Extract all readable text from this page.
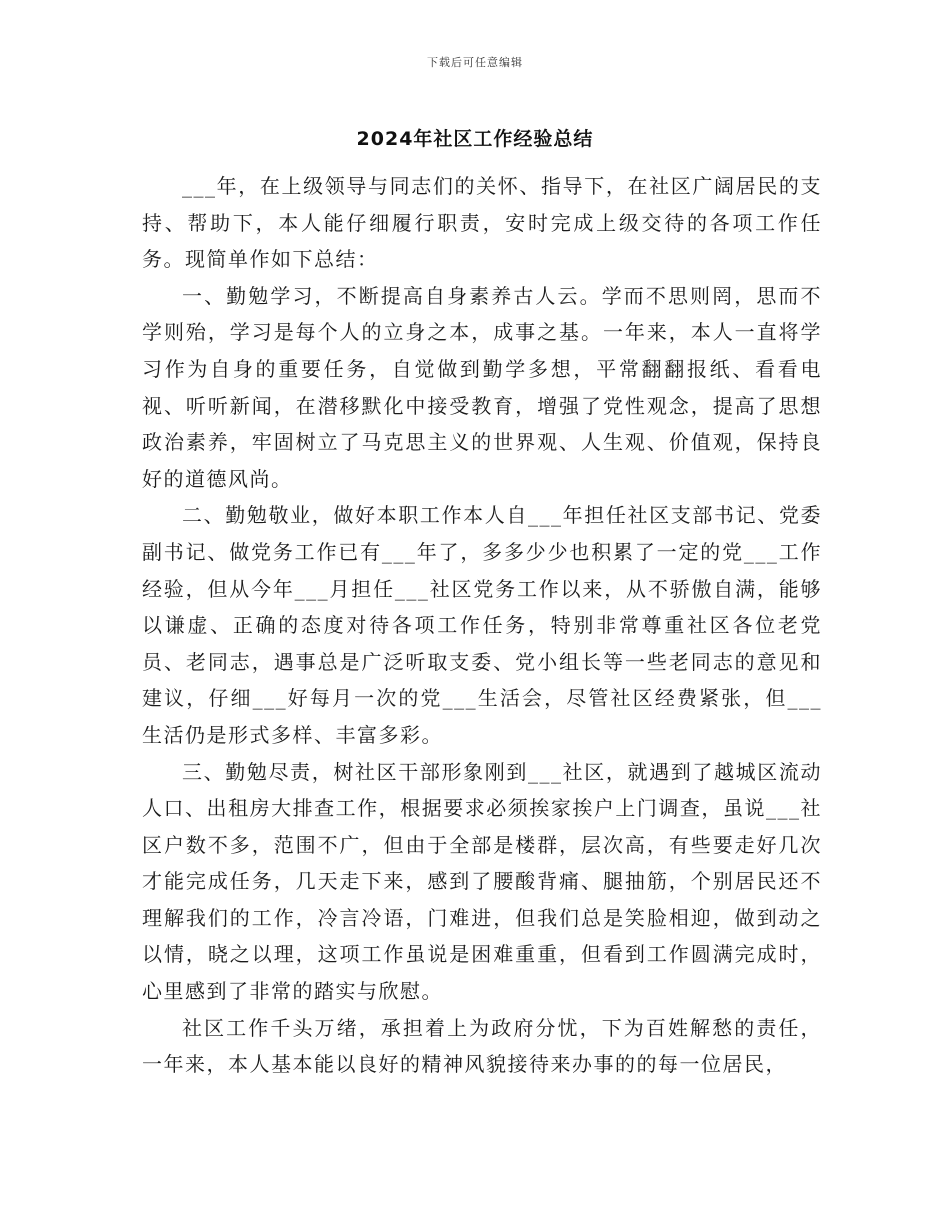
下载后可任意编辑
2024年社区工作经验总结

___年，在上级领导与同志们的关怀、指导下，在社区广阔居民的支持、帮助下，本人能仔细履行职责，安时完成上级交待的各项工作任务。现简单作如下总结：

一、勤勉学习，不断提高自身素养古人云。学而不思则罔，思而不学则殆，学习是每个人的立身之本，成事之基。一年来，本人一直将学习作为自身的重要任务，自觉做到勤学多想，平常翻翻报纸、看看电视、听听新闻，在潜移默化中接受教育，增强了党性观念，提高了思想政治素养，牢固树立了马克思主义的世界观、人生观、价值观，保持良好的道德风尚。

二、勤勉敬业，做好本职工作本人自___年担任社区支部书记、党委副书记、做党务工作已有___年了，多多少少也积累了一定的党___工作经验，但从今年___月担任___社区党务工作以来，从不骄傲自满，能够以谦虚、正确的态度对待各项工作任务，特别非常尊重社区各位老党员、老同志，遇事总是广泛听取支委、党小组长等一些老同志的意见和建议，仔细___好每月一次的党___生活会，尽管社区经费紧张，但___生活仍是形式多样、丰富多彩。

三、勤勉尽责，树社区干部形象刚到___社区，就遇到了越城区流动人口、出租房大排查工作，根据要求必须挨家挨户上门调查，虽说___社区户数不多，范围不广，但由于全部是楼群，层次高，有些要走好几次才能完成任务，几天走下来，感到了腰酸背痛、腿抽筋，个别居民还不理解我们的工作，冷言冷语，门难进，但我们总是笑脸相迎，做到动之以情，晓之以理，这项工作虽说是困难重重，但看到工作圆满完成时，心里感到了非常的踏实与欣慰。

社区工作千头万绪，承担着上为政府分忧，下为百姓解愁的责任，一年来，本人基本能以良好的精神风貌接待来办事的的每一位居民，
